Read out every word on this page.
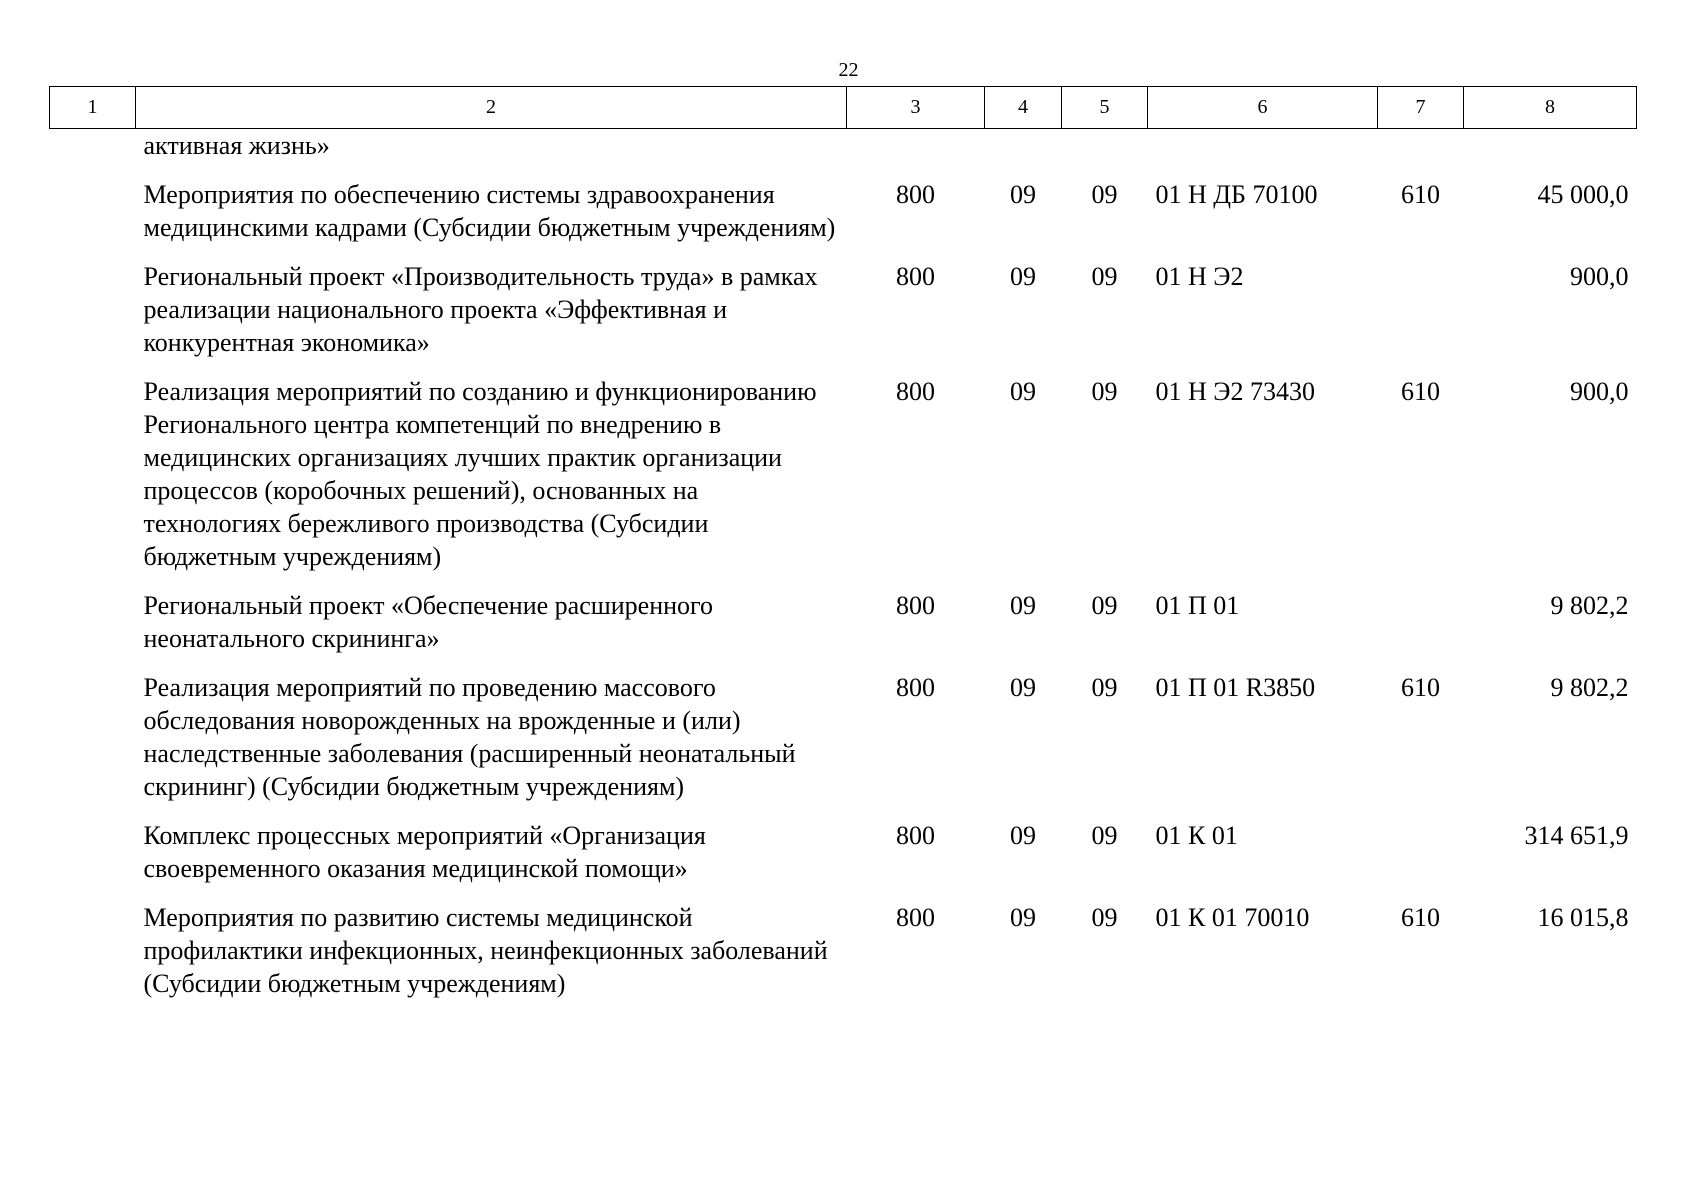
22
1	2	3	4	5	6	7	8
активная жизнь»							
Мероприятия по обеспечению системы здравоохранения медицинскими кадрами (Субсидии бюджетным учреждениям)		800	09	09	01 Н ДБ 70100	610	45 000,0
Региональный проект «Производительность труда» в рамках реализации национального проекта «Эффективная и конкурентная экономика»		800	09	09	01 Н Э2		900,0
Реализация мероприятий по созданию и функционированию Регионального центра компетенций по внедрению в медицинских организациях лучших практик организации процессов (коробочных решений), основанных на технологиях бережливого производства (Субсидии бюджетным учреждениям)		800	09	09	01 Н Э2 73430	610	900,0
Региональный проект «Обеспечение расширенного неонатального скрининга»		800	09	09	01 П 01		9 802,2
Реализация мероприятий по проведению массового обследования новорожденных на врожденные и (или) наследственные заболевания (расширенный неонатальный скрининг) (Субсидии бюджетным учреждениям)		800	09	09	01 П 01 R3850	610	9 802,2
Комплекс процессных мероприятий «Организация своевременного оказания медицинской помощи»		800	09	09	01 К 01		314 651,9
Мероприятия по развитию системы медицинской профилактики инфекционных, неинфекционных заболеваний (Субсидии бюджетным учреждениям)		800	09	09	01 К 01 70010	610	16 015,8
